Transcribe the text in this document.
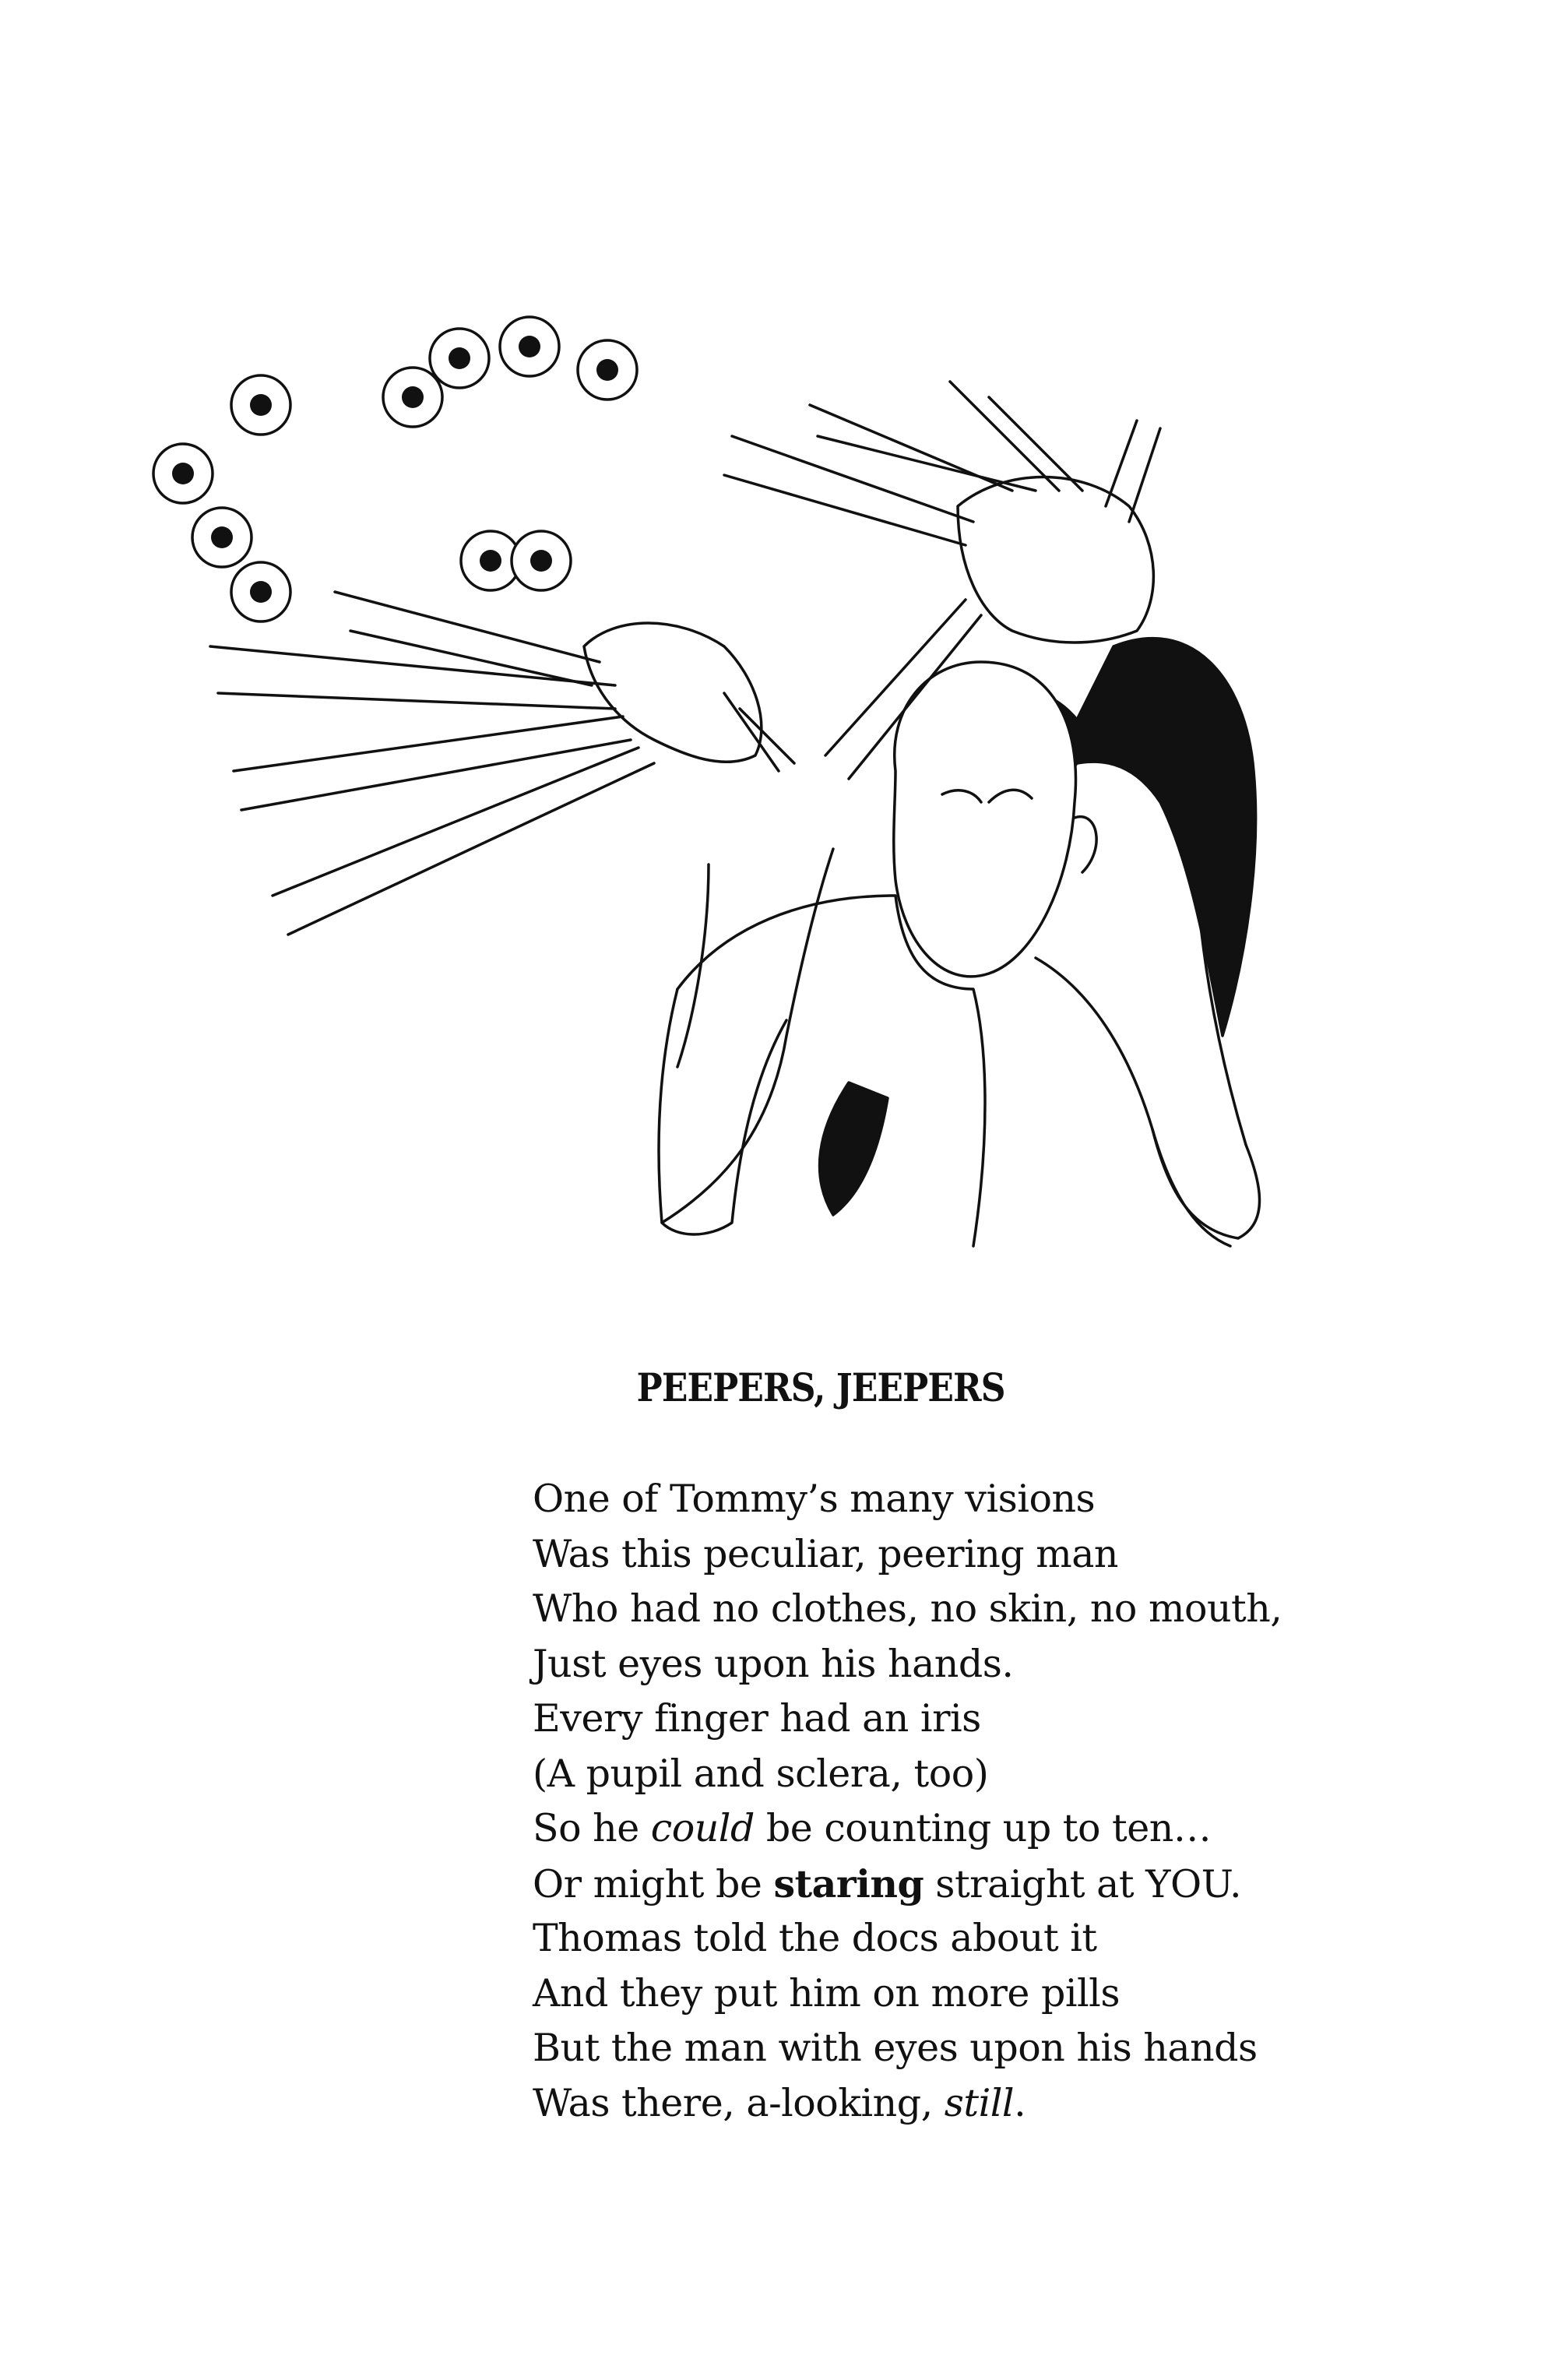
PEEPERS, JEEPERS
One of Tommy’s many visions
Was this peculiar, peering man
Who had no clothes, no skin, no mouth,
Just eyes upon his hands.
Every finger had an iris
(A pupil and sclera, too)
So he could be counting up to ten…
Or might be staring straight at YOU.
Thomas told the docs about it
And they put him on more pills
But the man with eyes upon his hands
Was there, a-looking, still.
